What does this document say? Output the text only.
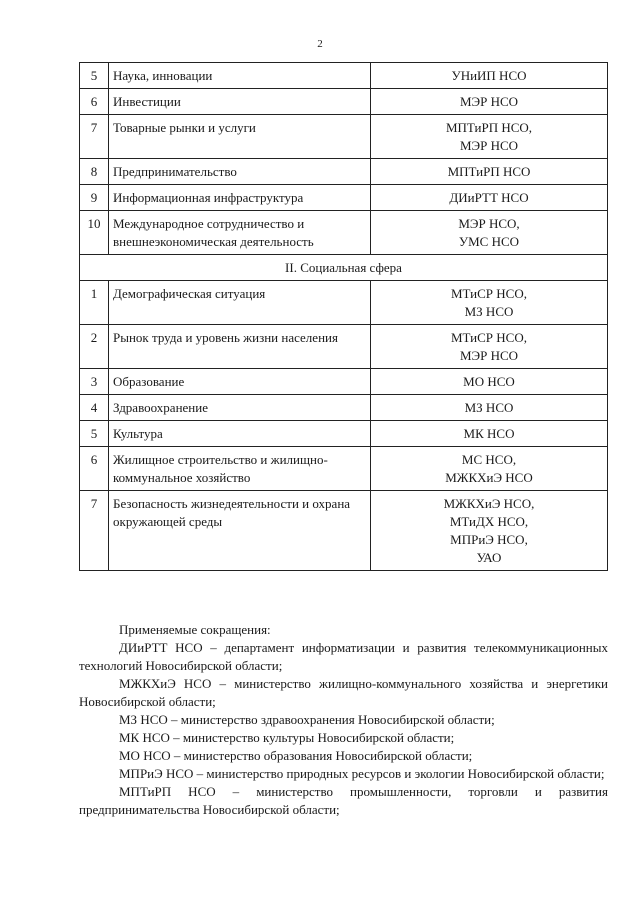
2
5	Наука, инновации	УНиИП НСО

6	Инвестиции	МЭР НСО

7	Товарные рынки и услуги	МПТиРП НСО,
МЭР НСО

8	Предпринимательство	МПТиРП НСО

9	Информационная инфраструктура	ДИиРТТ НСО

10	Международное сотрудничество и внешнеэкономическая деятельность	МЭР НСО,
УМС НСО

II. Социальная сфера		
1	Демографическая ситуация	МТиСР НСО,
МЗ НСО

2	Рынок труда и уровень жизни населения	МТиСР НСО,
МЭР НСО

3	Образование	МО НСО

4	Здравоохранение	МЗ НСО

5	Культура	МК НСО

6	Жилищное строительство и жилищно-коммунальное хозяйство	МС НСО,
МЖКХиЭ НСО

7	Безопасность жизнедеятельности и охрана окружающей среды	МЖКХиЭ НСО,
МТиДХ НСО,
МПРиЭ НСО,
УАО

Применяемые сокращения:

ДИиРТТ НСО – департамент информатизации и развития телекоммуникационных технологий Новосибирской области;

МЖКХиЭ НСО – министерство жилищно-коммунального хозяйства и энергетики Новосибирской области;

МЗ НСО – министерство здравоохранения Новосибирской области;

МК НСО – министерство культуры Новосибирской области;

МО НСО – министерство образования Новосибирской области;

МПРиЭ НСО – министерство природных ресурсов и экологии Новосибирской области;

МПТиРП НСО – министерство промышленности, торговли и развития предпринимательства Новосибирской области;
